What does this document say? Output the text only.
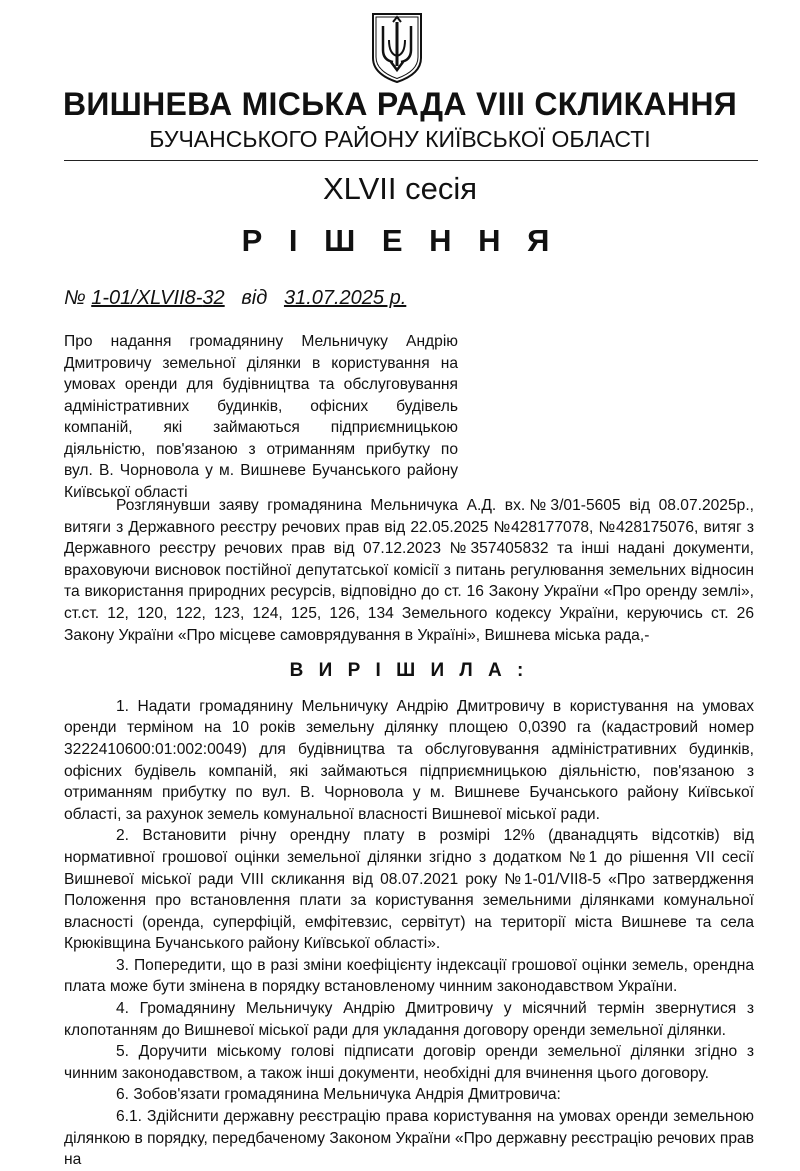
ВИШНЕВА МІСЬКА РАДА VIII СКЛИКАННЯ

БУЧАНСЬКОГО РАЙОНУ КИЇВСЬКОЇ ОБЛАСТІ

XLVII сесія

Р І Ш Е Н Н Я

№ 1-01/XLVII8-32 від 31.07.2025 р.
Про надання громадянину Мельничуку Андрію Дмитровичу земельної ділянки в користування на умовах оренди для будівництва та обслуговування адміністративних будинків, офісних будівель компаній, які займаються підприємницькою діяльністю, пов'язаною з отриманням прибутку по вул. В. Чорновола у м. Вишневе Бучанського району Київської області

Розглянувши заяву громадянина Мельничука А.Д. вх.№3/01-5605 від 08.07.2025р., витяги з Державного реєстру речових прав від 22.05.2025 №428177078, №428175076, витяг з Державного реєстру речових прав від 07.12.2023 №357405832 та інші надані документи, враховуючи висновок постійної депутатської комісії з питань регулювання земельних відносин та використання природних ресурсів, відповідно до ст. 16 Закону України «Про оренду землі», ст.ст. 12, 120, 122, 123, 124, 125, 126, 134 Земельного кодексу України, керуючись ст. 26 Закону України «Про місцеве самоврядування в Україні», Вишнева міська рада,-

В И Р І Ш И Л А :

1. Надати громадянину Мельничуку Андрію Дмитровичу в користування на умовах оренди терміном на 10 років земельну ділянку площею 0,0390 га (кадастровий номер 3222410600:01:002:0049) для будівництва та обслуговування адміністративних будинків, офісних будівель компаній, які займаються підприємницькою діяльністю, пов'язаною з отриманням прибутку по вул. В. Чорновола у м. Вишневе Бучанського району Київської області, за рахунок земель комунальної власності Вишневої міської ради.

2. Встановити річну орендну плату в розмірі 12% (дванадцять відсотків) від нормативної грошової оцінки земельної ділянки згідно з додатком №1 до рішення VII сесії Вишневої міської ради VIII скликання від 08.07.2021 року №1-01/VII8-5 «Про затвердження Положення про встановлення плати за користування земельними ділянками комунальної власності (оренда, суперфіцій, емфітевзис, сервітут) на території міста Вишневе та села Крюківщина Бучанського району Київської області».

3. Попередити, що в разі зміни коефіцієнту індексації грошової оцінки земель, орендна плата може бути змінена в порядку встановленому чинним законодавством України.

4. Громадянину Мельничуку Андрію Дмитровичу у місячний термін звернутися з клопотанням до Вишневої міської ради для укладання договору оренди земельної ділянки.

5. Доручити міському голові підписати договір оренди земельної ділянки згідно з чинним законодавством, а також інші документи, необхідні для вчинення цього договору.

6. Зобов'язати громадянина Мельничука Андрія Дмитровича:

6.1. Здійснити державну реєстрацію права користування на умовах оренди земельною ділянкою в порядку, передбаченому Законом України «Про державну реєстрацію речових прав на
